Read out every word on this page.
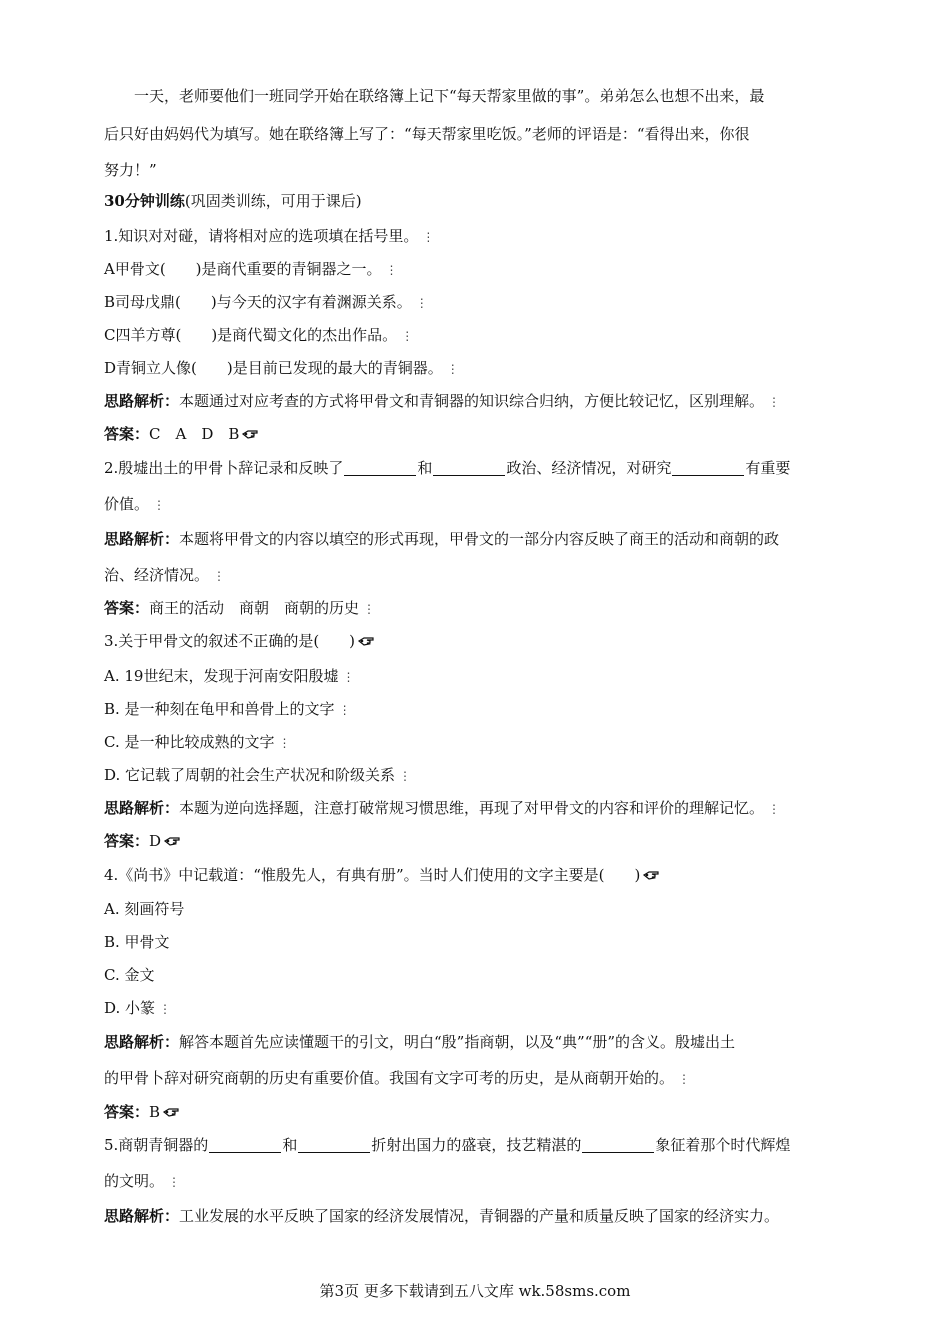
一天，老师要他们一班同学开始在联络簿上记下“每天帮家里做的事”。弟弟怎么也想不出来，最
后只好由妈妈代为填写。她在联络簿上写了：“每天帮家里吃饭。”老师的评语是：“看得出来，你很
努力！”
30分钟训练(巩固类训练，可用于课后)
1.知识对对碰，请将相对应的选项填在括号里。 ⋮
A甲骨文(　　)是商代重要的青铜器之一。 ⋮
B司母戊鼎(　　)与今天的汉字有着渊源关系。 ⋮
C四羊方尊(　　)是商代蜀文化的杰出作品。 ⋮
D青铜立人像(　　)是目前已发现的最大的青铜器。 ⋮
思路解析：本题通过对应考查的方式将甲骨文和青铜器的知识综合归纳，方便比较记忆，区别理解。 ⋮
答案：C　A　D　B
2.殷墟出土的甲骨卜辞记录和反映了	和	政治、经济情况，对研究	有重要
价值。 ⋮
思路解析：本题将甲骨文的内容以填空的形式再现，甲骨文的一部分内容反映了商王的活动和商朝的政
治、经济情况。 ⋮
答案：商王的活动　商朝　商朝的历史 ⋮
3.关于甲骨文的叙述不正确的是(　　)
A. 19世纪末，发现于河南安阳殷墟 ⋮
B. 是一种刻在龟甲和兽骨上的文字 ⋮
C. 是一种比较成熟的文字 ⋮
D. 它记载了周朝的社会生产状况和阶级关系 ⋮
思路解析：本题为逆向选择题，注意打破常规习惯思维，再现了对甲骨文的内容和评价的理解记忆。 ⋮
答案：D
4.《尚书》中记载道：“惟殷先人，有典有册”。当时人们使用的文字主要是(　　)
A. 刻画符号
B. 甲骨文
C. 金文
D. 小篆 ⋮
思路解析：解答本题首先应读懂题干的引文，明白“殷”指商朝，以及“典”“册”的含义。殷墟出土
的甲骨卜辞对研究商朝的历史有重要价值。我国有文字可考的历史，是从商朝开始的。 ⋮
答案：B
5.商朝青铜器的	和	折射出国力的盛衰，技艺精湛的	象征着那个时代辉煌
的文明。 ⋮
思路解析：工业发展的水平反映了国家的经济发展情况，青铜器的产量和质量反映了国家的经济实力。
第3页 更多下载请到五八文库 wk.58sms.com
